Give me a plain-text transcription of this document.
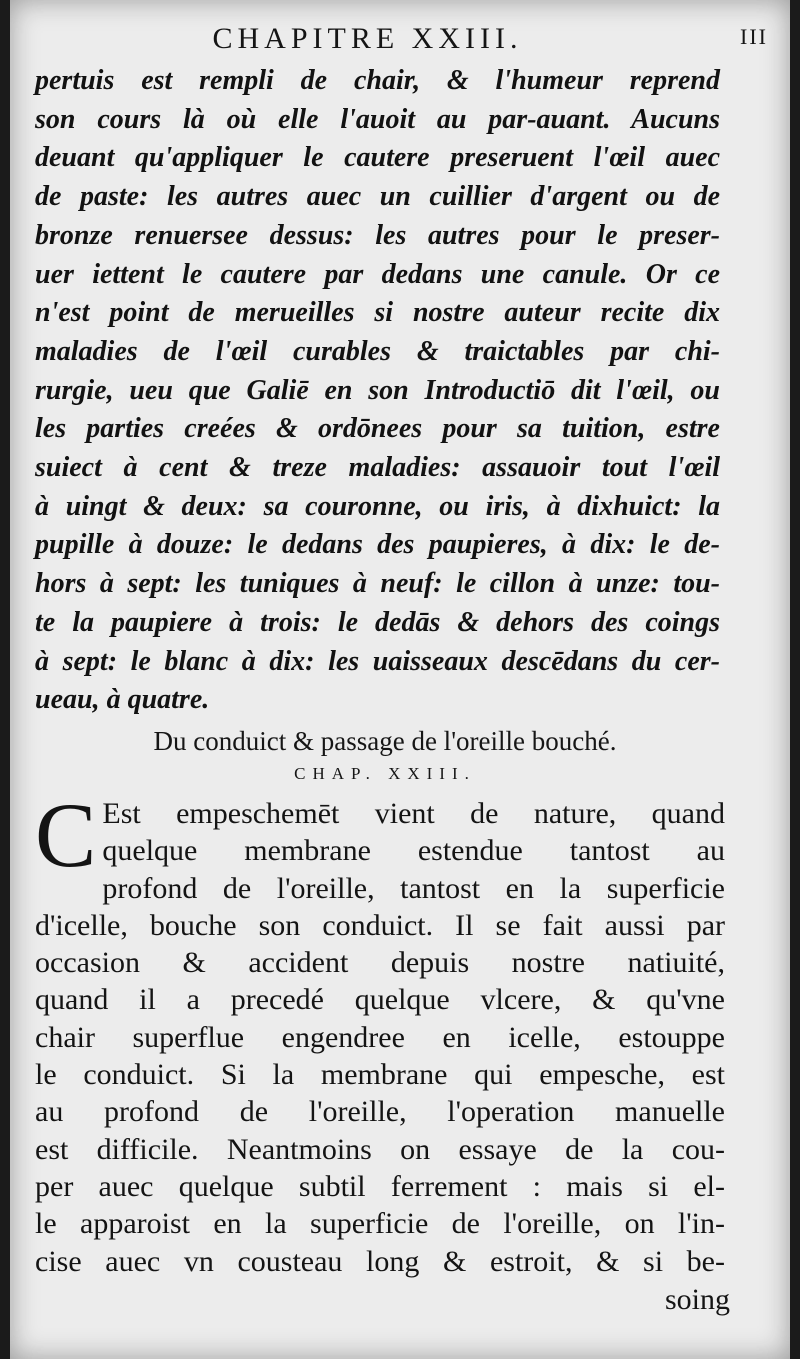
CHAPITRE XXIII.	III
pertuis est rempli de chair, & l'humeur reprend
son cours là où elle l'auoit au par-auant. Aucuns
deuant qu'appliquer le cautere preseruent l'œil auec
de paste: les autres auec un cuillier d'argent ou de
bronze renuersee dessus: les autres pour le preser-
uer iettent le cautere par dedans une canule. Or ce
n'est point de merueilles si nostre auteur recite dix
maladies de l'œil curables & traictables par chi-
rurgie, ueu que Galiē en son Introductiō dit l'œil, ou
les parties creées & ordōnees pour sa tuition, estre
suiect à cent & treze maladies: assauoir tout l'œil
à uingt & deux: sa couronne, ou iris, à dixhuict: la
pupille à douze: le dedans des paupieres, à dix: le de-
hors à sept: les tuniques à neuf: le cillon à unze: tou-
te la paupiere à trois: le dedās & dehors des coings
à sept: le blanc à dix: les uaisseaux descēdans du cer-
ueau, à quatre.
Du conduict & passage de l'oreille bouché.
CHAP. XXIII.
C Est empeschemēt vient de nature, quand
quelque membrane estendue tantost au
profond de l'oreille, tantost en la superficie
d'icelle, bouche son conduict. Il se fait aussi par
occasion & accident depuis nostre natiuité,
quand il a precedé quelque vlcere, & qu'vne
chair superflue engendree en icelle, estouppe
le conduict. Si la membrane qui empesche, est
au profond de l'oreille, l'operation manuelle
est difficile. Neantmoins on essaye de la cou-
per auec quelque subtil ferrement : mais si el-
le apparoist en la superficie de l'oreille, on l'in-
cise auec vn cousteau long & estroit, & si be-
soing
